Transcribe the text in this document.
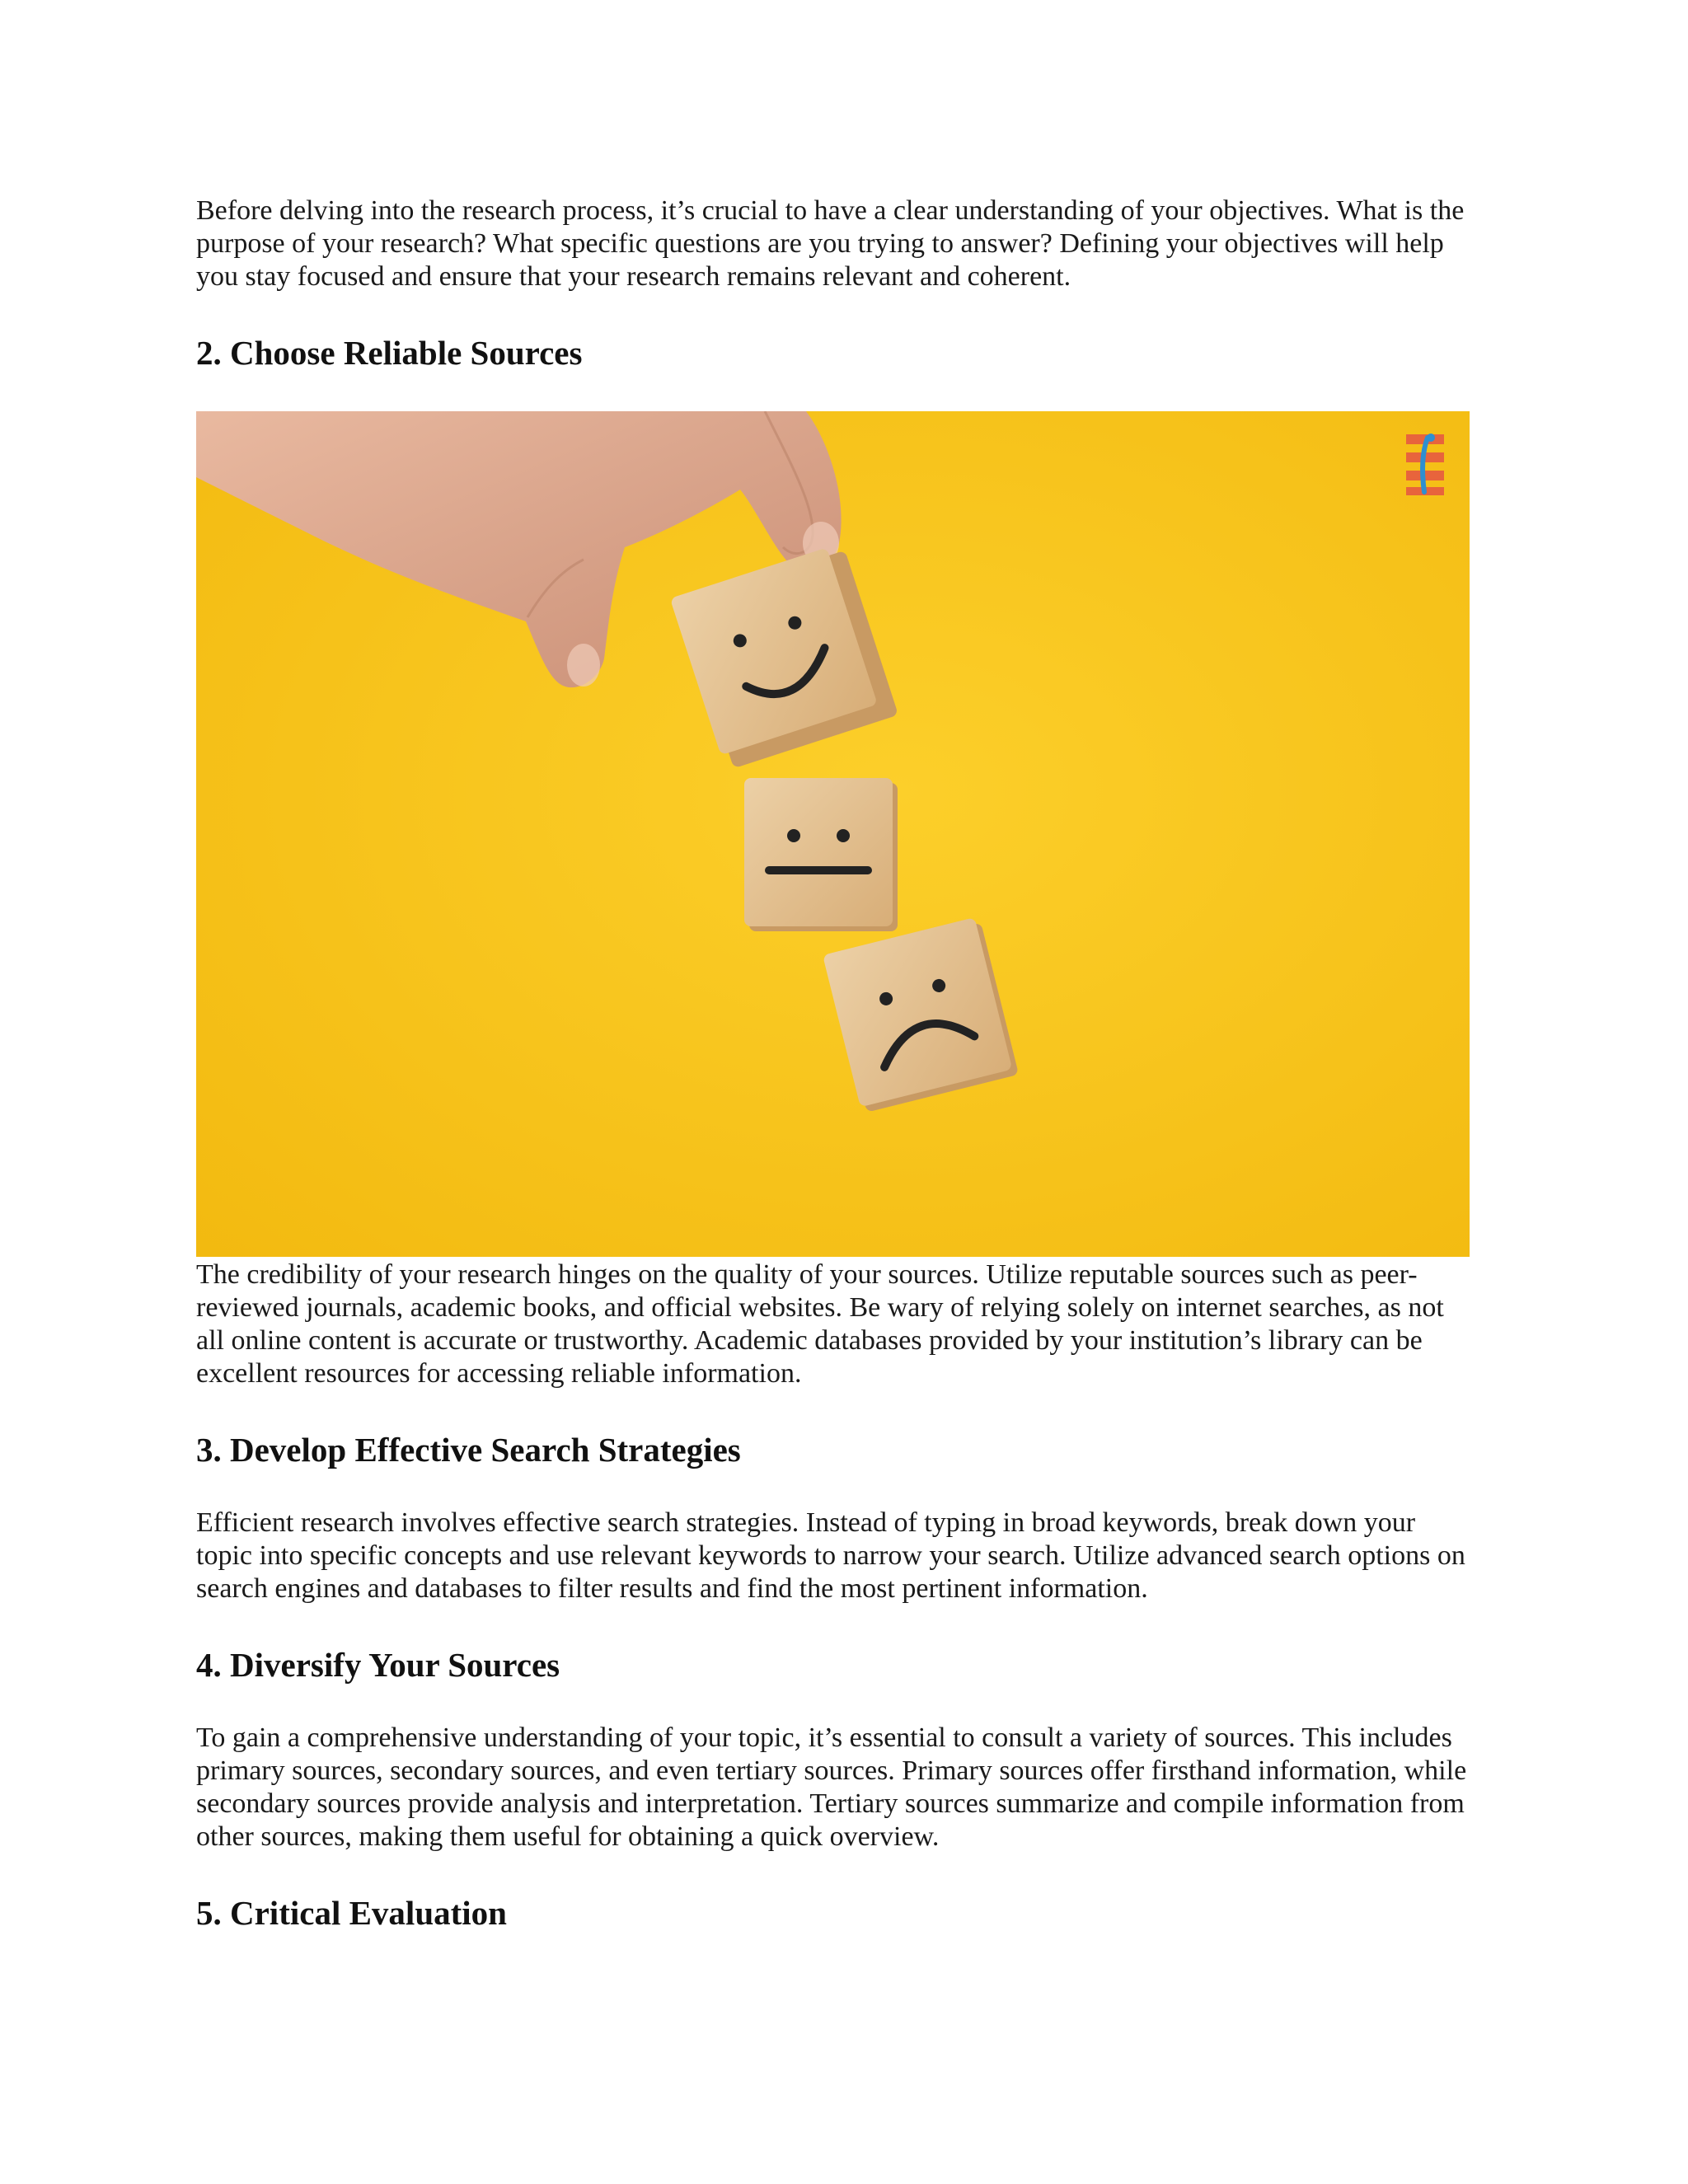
Before delving into the research process, it’s crucial to have a clear understanding of your objectives. What is the purpose of your research? What specific questions are you trying to answer? Defining your objectives will help you stay focused and ensure that your research remains relevant and coherent.

2. Choose Reliable Sources

The credibility of your research hinges on the quality of your sources. Utilize reputable sources such as peer-reviewed journals, academic books, and official websites. Be wary of relying solely on internet searches, as not all online content is accurate or trustworthy. Academic databases provided by your institution’s library can be excellent resources for accessing reliable information.

3. Develop Effective Search Strategies

Efficient research involves effective search strategies. Instead of typing in broad keywords, break down your topic into specific concepts and use relevant keywords to narrow your search. Utilize advanced search options on search engines and databases to filter results and find the most pertinent information.

4. Diversify Your Sources

To gain a comprehensive understanding of your topic, it’s essential to consult a variety of sources. This includes primary sources, secondary sources, and even tertiary sources. Primary sources offer firsthand information, while secondary sources provide analysis and interpretation. Tertiary sources summarize and compile information from other sources, making them useful for obtaining a quick overview.

5. Critical Evaluation
